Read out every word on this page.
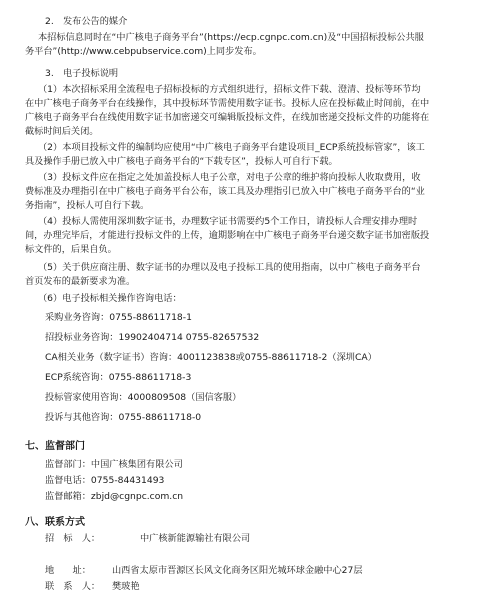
2.　发布公告的媒介

本招标信息同时在“中广核电子商务平台”(https://ecp.cgnpc.com.cn)及“中国招标投标公共服

务平台”(http://www.cebpubservice.com)上同步发布。

3.　电子投标说明

（1）本次招标采用全流程电子招标投标的方式组织进行，招标文件下载、澄清、投标等环节均

在中广核电子商务平台在线操作，其中投标环节需使用数字证书。投标人应在投标截止时间前，在中

广核电子商务平台在线使用数字证书加密递交可编辑版投标文件，在线加密递交投标文件的功能将在

截标时间后关闭。

（2）本项目投标文件的编制均应使用“中广核电子商务平台建设项目_ECP系统投标管家”，该工

具及操作手册已放入中广核电子商务平台的“下载专区”，投标人可自行下载。

（3）投标文件应在指定之处加盖投标人电子公章，对电子公章的维护将向投标人收取费用，收

费标准及办理指引在中广核电子商务平台公布，该工具及办理指引已放入中广核电子商务平台的“业

务指南”，投标人可自行下载。

（4）投标人需使用深圳数字证书，办理数字证书需要约5个工作日，请投标人合理安排办理时

间，办理完毕后，才能进行投标文件的上传，逾期影响在中广核电子商务平台递交数字证书加密版投

标文件的，后果自负。

（5）关于供应商注册、数字证书的办理以及电子投标工具的使用指南，以中广核电子商务平台

首页发布的最新要求为准。

（6）电子投标相关操作咨询电话：

采购业务咨询：0755-88611718-1

招投标业务咨询：19902404714 0755-82657532

CA相关业务（数字证书）咨询：4001123838或0755-88611718-2（深圳CA）

ECP系统咨询：0755-88611718-3

投标管家使用咨询：4000809508（国信客服）

投诉与其他咨询：0755-88611718-0

七、监督部门

监督部门：中国广核集团有限公司

监督电话：0755-84431493

监督邮箱：zbjd@cgnpc.com.cn

八、联系方式

招　标　人：	中广核新能源输社有限公司

地　　址： 山西省太原市晋源区长风文化商务区阳光城环球金融中心27层

联　系　人： 樊玻艳
